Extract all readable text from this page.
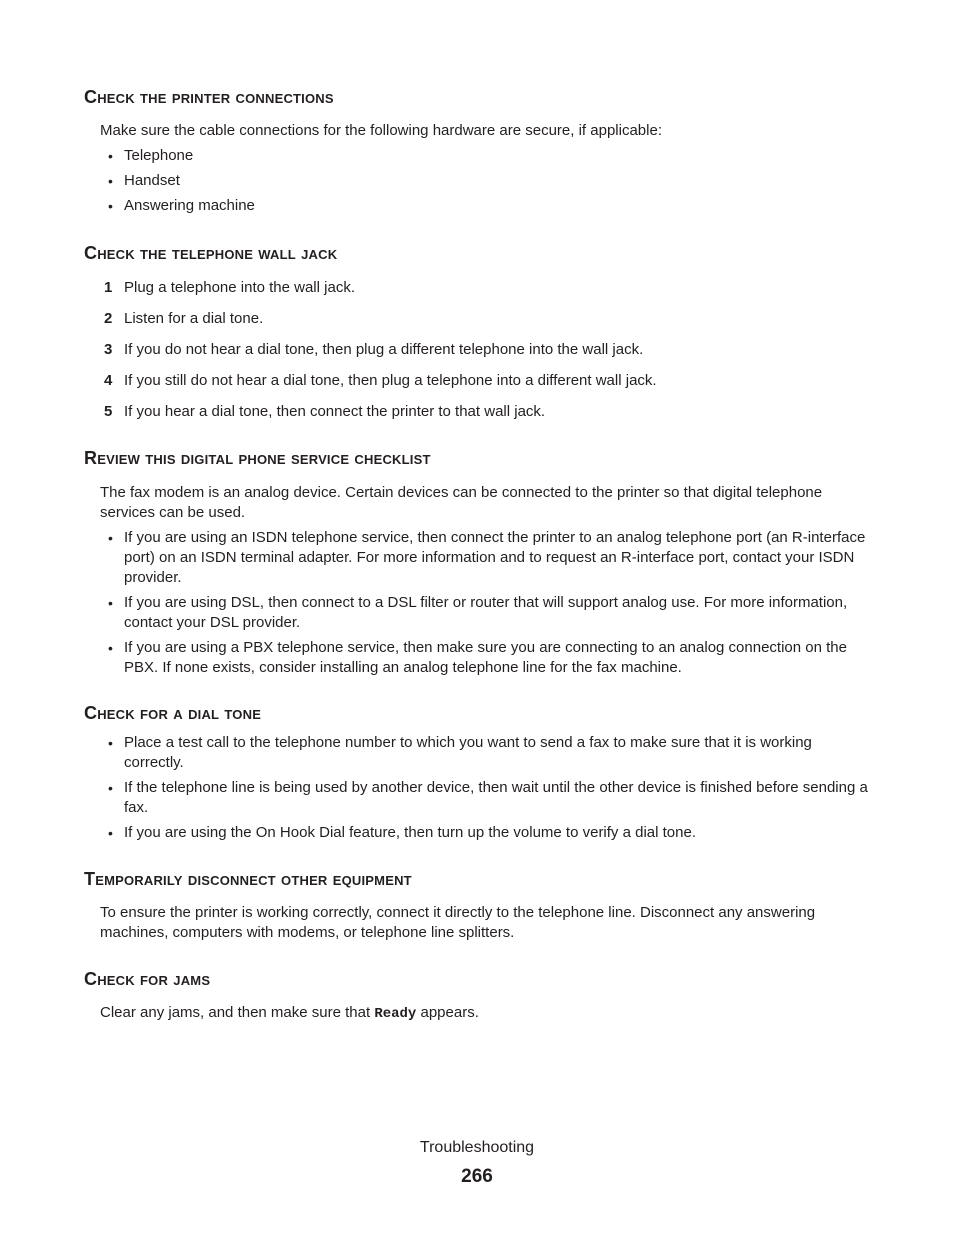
Check the printer connections

Make sure the cable connections for the following hardware are secure, if applicable:

• Telephone
• Handset
• Answering machine
Check the telephone wall jack
1 Plug a telephone into the wall jack.
2 Listen for a dial tone.
3 If you do not hear a dial tone, then plug a different telephone into the wall jack.
4 If you still do not hear a dial tone, then plug a telephone into a different wall jack.
5 If you hear a dial tone, then connect the printer to that wall jack.
Review this digital phone service checklist

The fax modem is an analog device. Certain devices can be connected to the printer so that digital telephone services can be used.

• If you are using an ISDN telephone service, then connect the printer to an analog telephone port (an R-interface port) on an ISDN terminal adapter. For more information and to request an R-interface port, contact your ISDN provider.
• If you are using DSL, then connect to a DSL filter or router that will support analog use. For more information, contact your DSL provider.
• If you are using a PBX telephone service, then make sure you are connecting to an analog connection on the PBX. If none exists, consider installing an analog telephone line for the fax machine.
Check for a dial tone
• Place a test call to the telephone number to which you want to send a fax to make sure that it is working correctly.
• If the telephone line is being used by another device, then wait until the other device is finished before sending a fax.
• If you are using the On Hook Dial feature, then turn up the volume to verify a dial tone.
Temporarily disconnect other equipment

To ensure the printer is working correctly, connect it directly to the telephone line. Disconnect any answering machines, computers with modems, or telephone line splitters.

Check for jams

Clear any jams, and then make sure that Ready appears.

Troubleshooting
266
